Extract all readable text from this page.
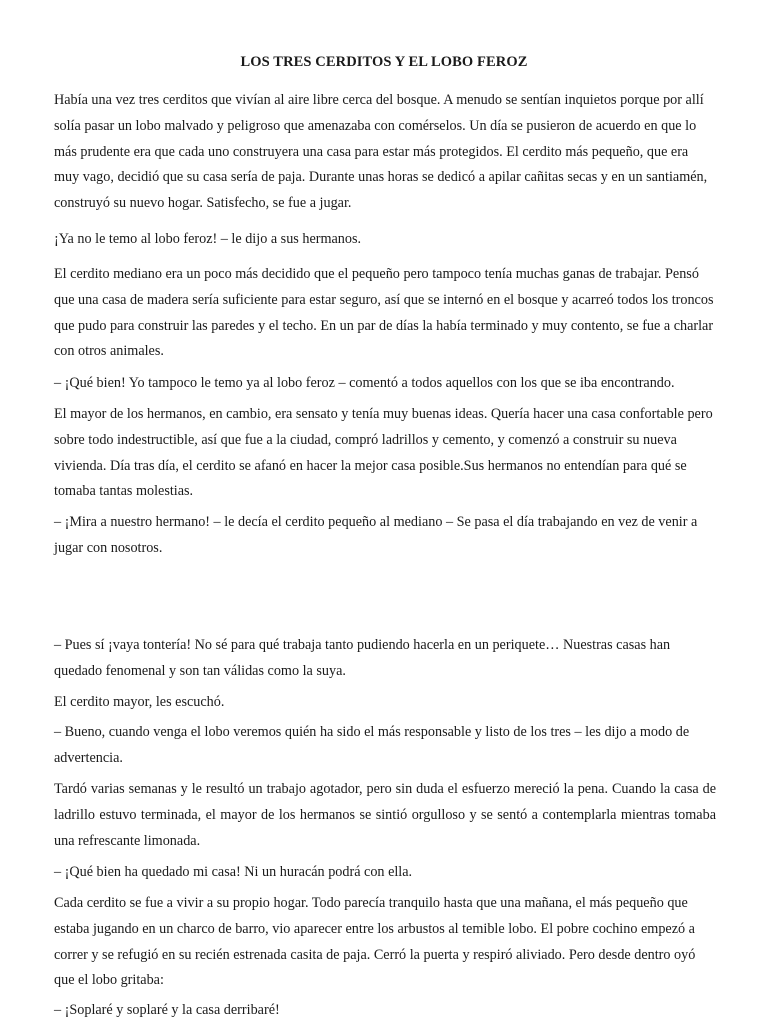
LOS TRES CERDITOS Y EL LOBO FEROZ

Había una vez tres cerditos que vivían al aire libre cerca del bosque. A menudo se sentían inquietos porque por allí solía pasar un lobo malvado y peligroso que amenazaba con comérselos. Un día se pusieron de acuerdo en que lo más prudente era que cada uno construyera una casa para estar más protegidos. El cerdito más pequeño, que era muy vago, decidió que su casa sería de paja. Durante unas horas se dedicó a apilar cañitas secas y en un santiamén, construyó su nuevo hogar. Satisfecho, se fue a jugar.

¡Ya no le temo al lobo feroz! – le dijo a sus hermanos.

El cerdito mediano era un poco más decidido que el pequeño pero tampoco tenía muchas ganas de trabajar. Pensó que una casa de madera sería suficiente para estar seguro, así que se internó en el bosque y acarreó todos los troncos que pudo para construir las paredes y el techo. En un par de días la había terminado y muy contento, se fue a charlar con otros animales.

– ¡Qué bien! Yo tampoco le temo ya al lobo feroz – comentó a todos aquellos con los que se iba encontrando.

El mayor de los hermanos, en cambio, era sensato y tenía muy buenas ideas. Quería hacer una casa confortable pero sobre todo indestructible, así que fue a la ciudad, compró ladrillos y cemento, y comenzó a construir su nueva vivienda. Día tras día, el cerdito se afanó en hacer la mejor casa posible.Sus hermanos no entendían para qué se tomaba tantas molestias.

– ¡Mira a nuestro hermano! – le decía el cerdito pequeño al mediano – Se pasa el día trabajando en vez de venir a jugar con nosotros.

– Pues sí ¡vaya tontería! No sé para qué trabaja tanto pudiendo hacerla en un periquete… Nuestras casas han quedado fenomenal y son tan válidas como la suya.

El cerdito mayor, les escuchó.

– Bueno, cuando venga el lobo veremos quién ha sido el más responsable y listo de los tres – les dijo a modo de advertencia.

Tardó varias semanas y le resultó un trabajo agotador, pero sin duda el esfuerzo mereció la pena. Cuando la casa de ladrillo estuvo terminada, el mayor de los hermanos se sintió orgulloso y se sentó a contemplarla mientras tomaba una refrescante limonada.

– ¡Qué bien ha quedado mi casa! Ni un huracán podrá con ella.

Cada cerdito se fue a vivir a su propio hogar. Todo parecía tranquilo hasta que una mañana, el más pequeño que estaba jugando en un charco de barro, vio aparecer entre los arbustos al temible lobo. El pobre cochino empezó a correr y se refugió en su recién estrenada casita de paja. Cerró la puerta y respiró aliviado. Pero desde dentro oyó que el lobo gritaba:

– ¡Soplaré y soplaré y la casa derribaré!
